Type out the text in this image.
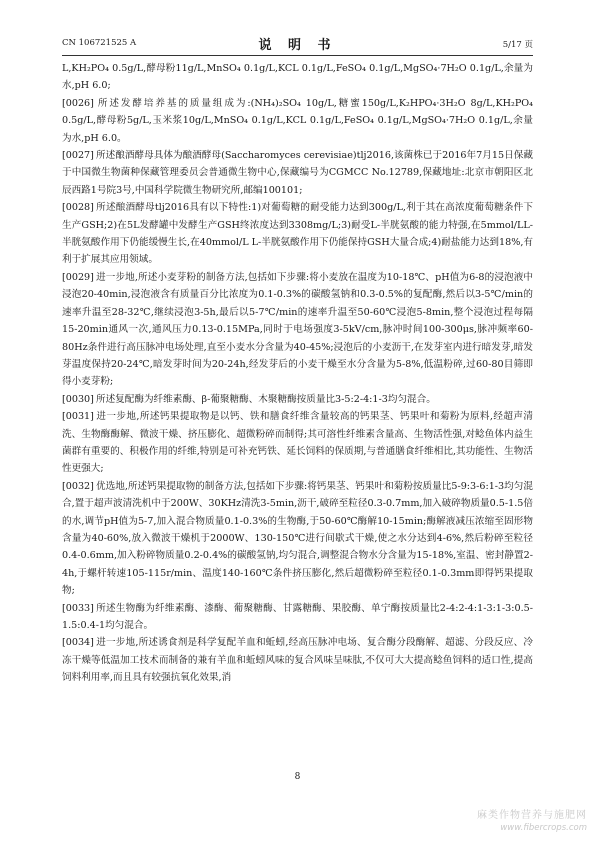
CN 106721525 A	说 明 书	5/17 页

L,KH₂PO₄ 0.5g/L,酵母粉11g/L,MnSO₄ 0.1g/L,KCL 0.1g/L,FeSO₄ 0.1g/L,MgSO₄·7H₂O 0.1g/L,余量为水,pH 6.0;

[0026] 所述发酵培养基的质量组成为:(NH₄)₂SO₄ 10g/L,糖蜜150g/L,K₂HPO₄·3H₂O 8g/L,KH₂PO₄ 0.5g/L,酵母粉5g/L,玉米浆10g/L,MnSO₄ 0.1g/L,KCL 0.1g/L,FeSO₄ 0.1g/L,MgSO₄·7H₂O 0.1g/L,余量为水,pH 6.0。

[0027] 所述酿酒酵母具体为酿酒酵母(Saccharomyces cerevisiae)tlj2016,该菌株已于2016年7月15日保藏于中国微生物菌种保藏管理委员会普通微生物中心,保藏编号为CGMCC No.12789,保藏地址:北京市朝阳区北辰西路1号院3号,中国科学院微生物研究所,邮编100101;

[0028] 所述酿酒酵母tlj2016具有以下特性:1)对葡萄糖的耐受能力达到300g/L,利于其在高浓度葡萄糖条件下生产GSH;2)在5L发酵罐中发酵生产GSH终浓度达到3308mg/L;3)耐受L-半胱氨酸的能力特强,在5mmol/LL-半胱氨酸作用下仍能缓慢生长,在40mmol/L L-半胱氨酸作用下仍能保持GSH大量合成;4)耐盐能力达到18%,有利于扩展其应用领域。

[0029] 进一步地,所述小麦芽粉的制备方法,包括如下步骤:将小麦放在温度为10-18℃、pH值为6-8的浸泡液中浸泡20-40min,浸泡液含有质量百分比浓度为0.1-0.3%的碳酸氢钠和0.3-0.5%的复配酶,然后以3-5℃/min的速率升温至28-32℃,继续浸泡3-5h,最后以5-7℃/min的速率升温至50-60℃浸泡5-8min,整个浸泡过程每隔15-20min通风一次,通风压力0.13-0.15MPa,同时于电场强度3-5kV/cm,脉冲时间100-300μs,脉冲频率60-80Hz条件进行高压脉冲电场处理,直至小麦水分含量为40-45%;浸泡后的小麦沥干,在发芽室内进行暗发芽,暗发芽温度保持20-24℃,暗发芽时间为20-24h,经发芽后的小麦干燥至水分含量为5-8%,低温粉碎,过60-80目筛即得小麦芽粉;

[0030] 所述复配酶为纤维素酶、β-葡聚糖酶、木聚糖酶按质量比3-5:2-4:1-3均匀混合。

[0031] 进一步地,所述钙果提取物是以钙、铁和膳食纤维含量较高的钙果茎、钙果叶和菊粉为原料,经超声清洗、生物酶酶解、微波干燥、挤压膨化、超微粉碎而制得;其可溶性纤维素含量高、生物活性强,对鲶鱼体内益生菌群有重要的、积极作用的纤维,特别是可补充钙铁、延长饲料的保质期,与普通膳食纤维相比,其功能性、生物活性更强大;

[0032] 优选地,所述钙果提取物的制备方法,包括如下步骤:将钙果茎、钙果叶和菊粉按质量比5-9:3-6:1-3均匀混合,置于超声波清洗机中于200W、30KHz清洗3-5min,沥干,破碎至粒径0.3-0.7mm,加入破碎物质量0.5-1.5倍的水,调节pH值为5-7,加入混合物质量0.1-0.3%的生物酶,于50-60℃酶解10-15min;酶解液减压浓缩至固形物含量为40-60%,放入微波干燥机于2000W、130-150℃进行间歇式干燥,使之水分达到4-6%,然后粉碎至粒径0.4-0.6mm,加入粉碎物质量0.2-0.4%的碳酸氢钠,均匀混合,调整混合物水分含量为15-18%,室温、密封静置2-4h,于螺杆转速105-115r/min、温度140-160℃条件挤压膨化,然后超微粉碎至粒径0.1-0.3mm即得钙果提取物;

[0033] 所述生物酶为纤维素酶、漆酶、葡聚糖酶、甘露糖酶、果胶酶、单宁酶按质量比2-4:2-4:1-3:1-3:0.5-1.5:0.4-1均匀混合。

[0034] 进一步地,所述诱食剂是科学复配羊血和蚯蚓,经高压脉冲电场、复合酶分段酶解、超滤、分段反应、冷冻干燥等低温加工技术而制备的兼有羊血和蚯蚓风味的复合风味呈味肽,不仅可大大提高鲶鱼饲料的适口性,提高饲料利用率,而且具有较强抗氧化效果,消

8
麻类作物营养与施肥网
www.fibercrops.com
